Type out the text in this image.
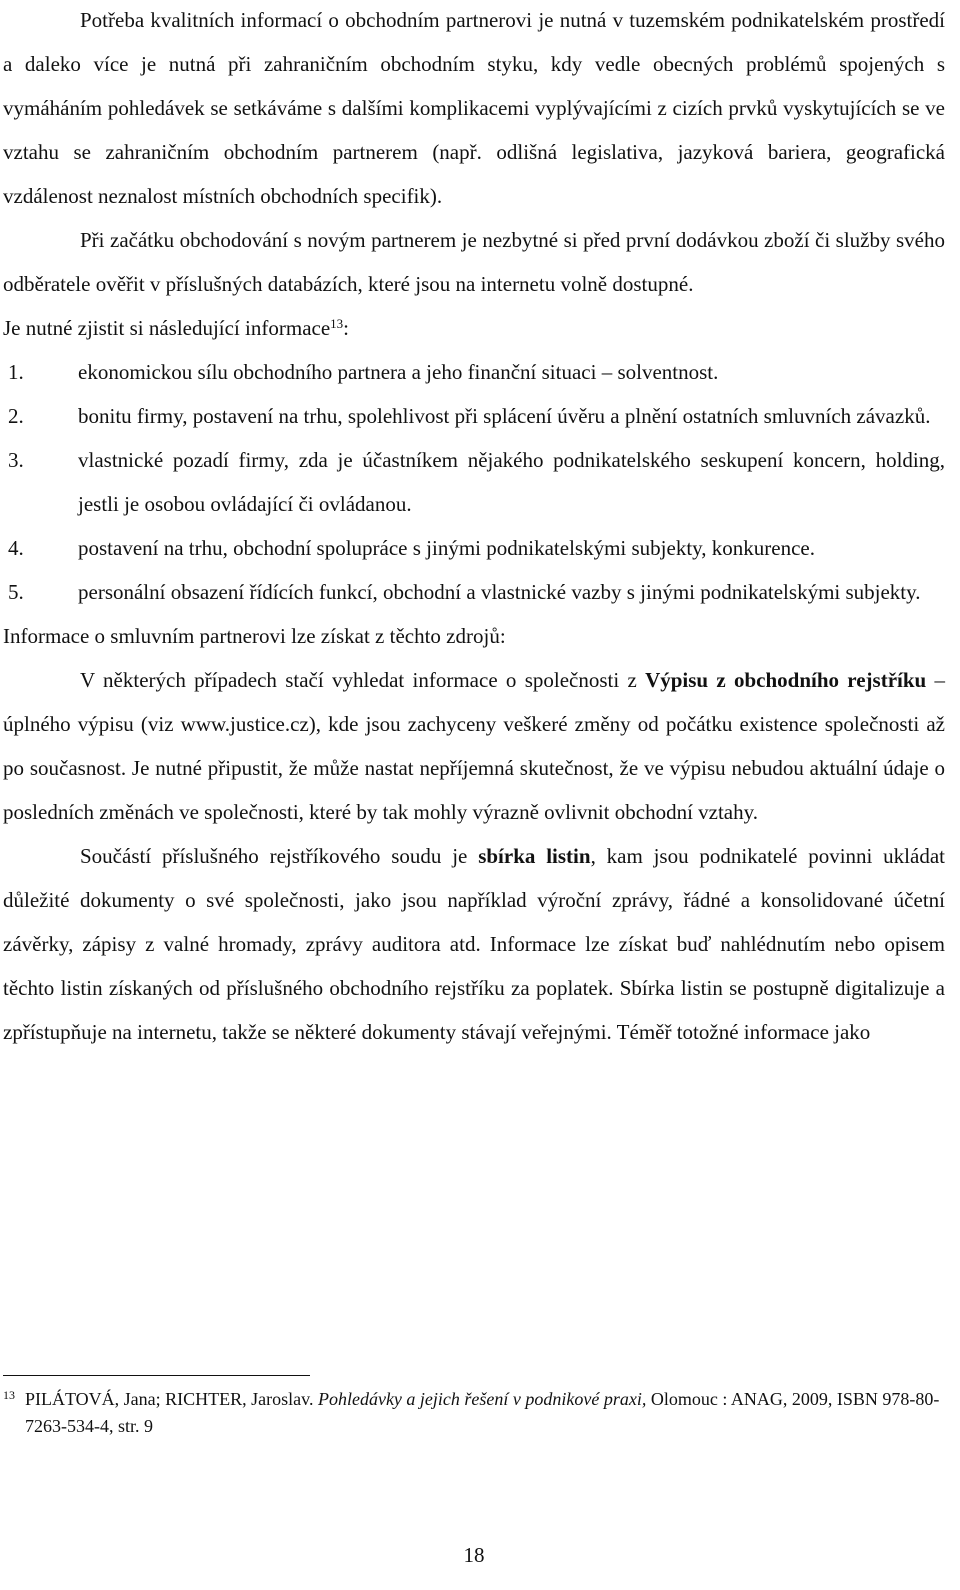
Potřeba kvalitních informací o obchodním partnerovi je nutná v tuzemském podnikatelském prostředí a daleko více je nutná při zahraničním obchodním styku, kdy vedle obecných problémů spojených s vymáháním pohledávek se setkáváme s dalšími komplikacemi vyplývajícími z cizích prvků vyskytujících se ve vztahu se zahraničním obchodním partnerem (např. odlišná legislativa, jazyková bariera, geografická vzdálenost neznalost místních obchodních specifik).

Při začátku obchodování s novým partnerem je nezbytné si před první dodávkou zboží či služby svého odběratele ověřit v příslušných databázích, které jsou na internetu volně dostupné.

Je nutné zjistit si následující informace$^{13}$:

1.	ekonomickou sílu obchodního partnera a jeho finanční situaci – solventnost.

2.	bonitu firmy, postavení na trhu, spolehlivost při splácení úvěru a plnění ostatních smluvních závazků.

3.	vlastnické pozadí firmy, zda je účastníkem nějakého podnikatelského seskupení koncern, holding, jestli je osobou ovládající či ovládanou.

4.	postavení na trhu, obchodní spolupráce s jinými podnikatelskými subjekty, konkurence.

5.	personální obsazení řídících funkcí, obchodní a vlastnické vazby s jinými podnikatelskými subjekty.

Informace o smluvním partnerovi lze získat z těchto zdrojů:

V některých případech stačí vyhledat informace o společnosti z Výpisu z obchodního rejstříku – úplného výpisu (viz www.justice.cz), kde jsou zachyceny veškeré změny od počátku existence společnosti až po současnost. Je nutné připustit, že může nastat nepříjemná skutečnost, že ve výpisu nebudou aktuální údaje o posledních změnách ve společnosti, které by tak mohly výrazně ovlivnit obchodní vztahy.

Součástí příslušného rejstříkového soudu je sbírka listin, kam jsou podnikatelé povinni ukládat důležité dokumenty o své společnosti, jako jsou například výroční zprávy, řádné a konsolidované účetní závěrky, zápisy z valné hromady, zprávy auditora atd. Informace lze získat buď nahlédnutím nebo opisem těchto listin získaných od příslušného obchodního rejstříku za poplatek. Sbírka listin se postupně digitalizuje a zpřístupňuje na internetu, takže se některé dokumenty stávají veřejnými. Téměř totožné informace jako

13 PILÁTOVÁ, Jana; RICHTER, Jaroslav. Pohledávky a jejich řešení v podnikové praxi, Olomouc : ANAG, 2009, ISBN 978-80-7263-534-4, str. 9
18
